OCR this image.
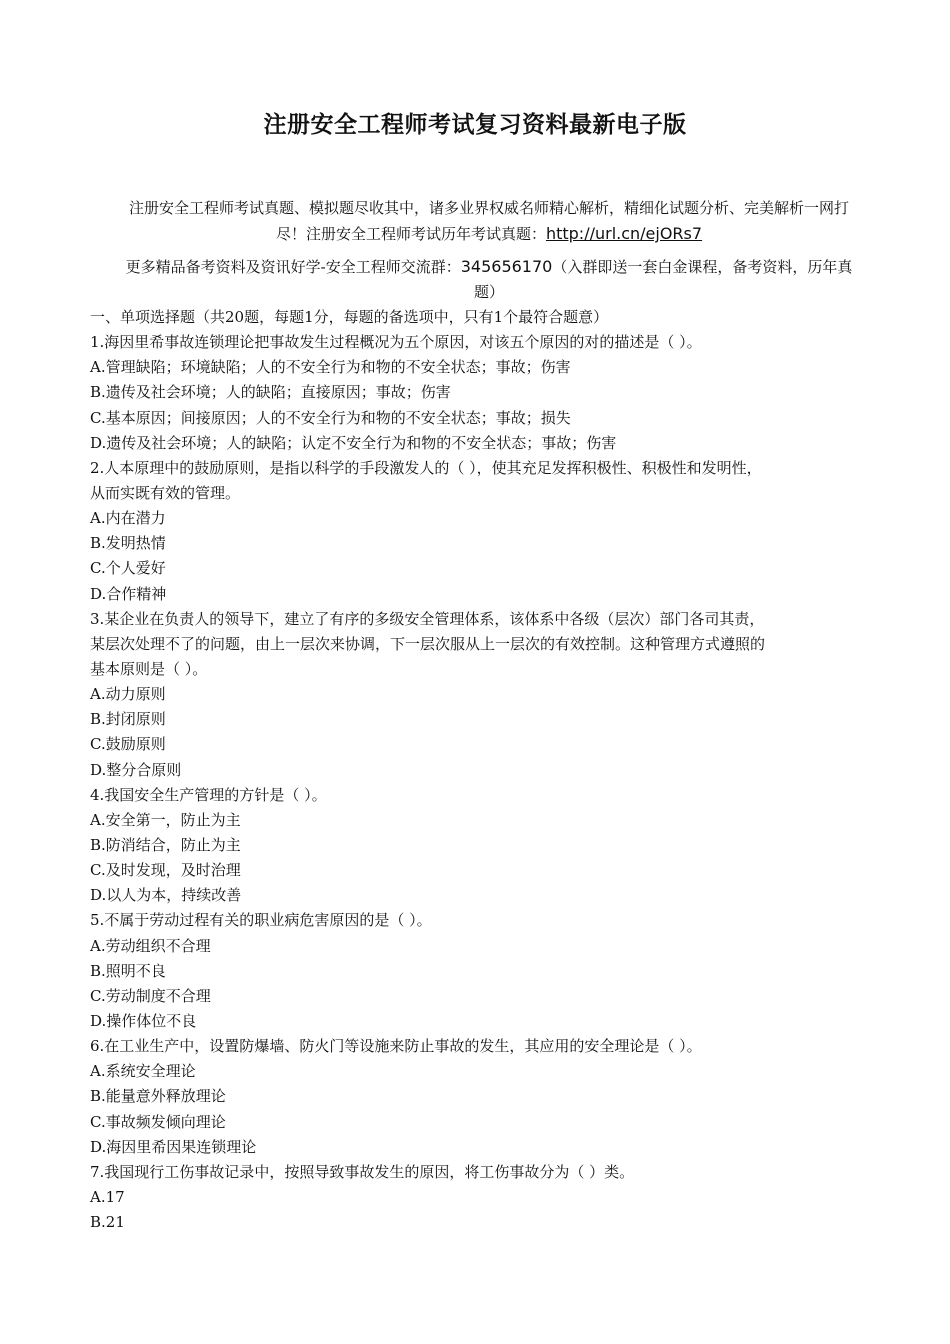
注册安全工程师考试复习资料最新电子版
注册安全工程师考试真题、模拟题尽收其中，诸多业界权威名师精心解析，精细化试题分析、完美解析一网打尽！注册安全工程师考试历年考试真题：http://url.cn/ejORs7
更多精品备考资料及资讯好学-安全工程师交流群：345656170（入群即送一套白金课程，备考资料，历年真题）
一、单项选择题（共20题，每题1分，每题的备选项中，只有1个最符合题意）
1.海因里希事故连锁理论把事故发生过程概况为五个原因，对该五个原因的对的描述是（ ）。
A.管理缺陷；环境缺陷；人的不安全行为和物的不安全状态；事故；伤害
B.遗传及社会环境；人的缺陷；直接原因；事故；伤害
C.基本原因；间接原因；人的不安全行为和物的不安全状态；事故；损失
D.遗传及社会环境；人的缺陷；认定不安全行为和物的不安全状态；事故；伤害
2.人本原理中的鼓励原则，是指以科学的手段激发人的（ ），使其充足发挥积极性、积极性和发明性，
从而实既有效的管理。
A.内在潜力
B.发明热情
C.个人爱好
D.合作精神
3.某企业在负责人的领导下，建立了有序的多级安全管理体系，该体系中各级（层次）部门各司其责，
某层次处理不了的问题，由上一层次来协调，下一层次服从上一层次的有效控制。这种管理方式遵照的
基本原则是（ ）。
A.动力原则
B.封闭原则
C.鼓励原则
D.整分合原则
4.我国安全生产管理的方针是（ ）。
A.安全第一，防止为主
B.防消结合，防止为主
C.及时发现，及时治理
D.以人为本，持续改善
5.不属于劳动过程有关的职业病危害原因的是（ ）。
A.劳动组织不合理
B.照明不良
C.劳动制度不合理
D.操作体位不良
6.在工业生产中，设置防爆墙、防火门等设施来防止事故的发生，其应用的安全理论是（ ）。
A.系统安全理论
B.能量意外释放理论
C.事故频发倾向理论
D.海因里希因果连锁理论
7.我国现行工伤事故记录中，按照导致事故发生的原因，将工伤事故分为（ ）类。
A.17
B.21
